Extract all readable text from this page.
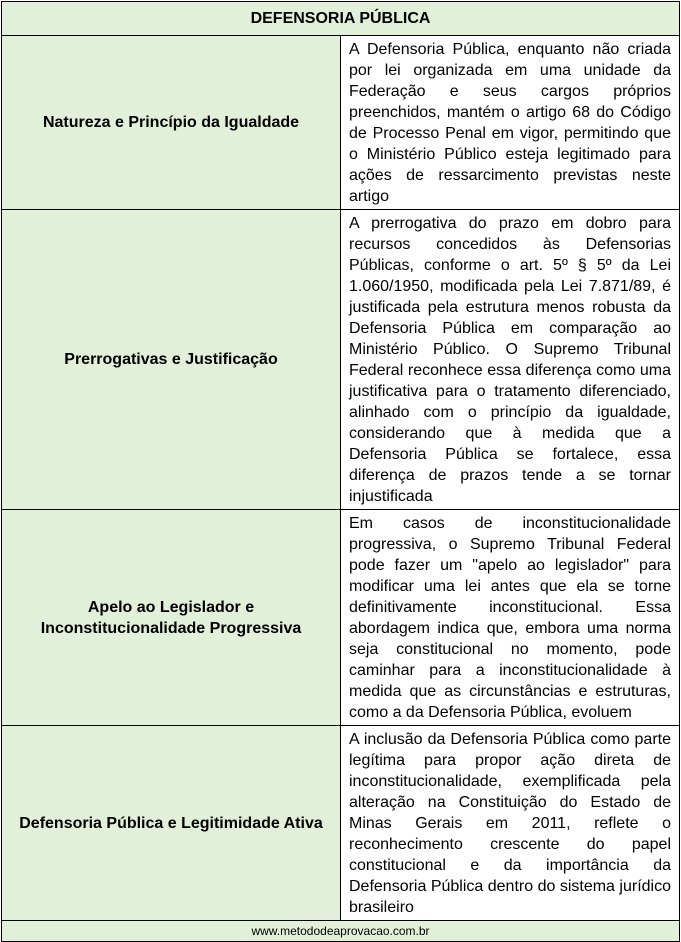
DEFENSORIA PÚBLICA	
Natureza e Princípio da Igualdade	A Defensoria Pública, enquanto não criada por lei organizada em uma unidade da Federação e seus cargos próprios preenchidos, mantém o artigo 68 do Código de Processo Penal em vigor, permitindo que o Ministério Público esteja legitimado para ações de ressarcimento previstas neste artigo
Prerrogativas e Justificação	A prerrogativa do prazo em dobro para recursos concedidos às Defensorias Públicas, conforme o art. 5º § 5º da Lei 1.060/1950, modificada pela Lei 7.871/89, é justificada pela estrutura menos robusta da Defensoria Pública em comparação ao Ministério Público. O Supremo Tribunal Federal reconhece essa diferença como uma justificativa para o tratamento diferenciado, alinhado com o princípio da igualdade, considerando que à medida que a Defensoria Pública se fortalece, essa diferença de prazos tende a se tornar injustificada
Apelo ao Legislador e Inconstitucionalidade Progressiva	Em casos de inconstitucionalidade progressiva, o Supremo Tribunal Federal pode fazer um "apelo ao legislador" para modificar uma lei antes que ela se torne definitivamente inconstitucional. Essa abordagem indica que, embora uma norma seja constitucional no momento, pode caminhar para a inconstitucionalidade à medida que as circunstâncias e estruturas, como a da Defensoria Pública, evoluem
Defensoria Pública e Legitimidade Ativa	A inclusão da Defensoria Pública como parte legítima para propor ação direta de inconstitucionalidade, exemplificada pela alteração na Constituição do Estado de Minas Gerais em 2011, reflete o reconhecimento crescente do papel constitucional e da importância da Defensoria Pública dentro do sistema jurídico brasileiro
www.metododeaprovacao.com.br	
